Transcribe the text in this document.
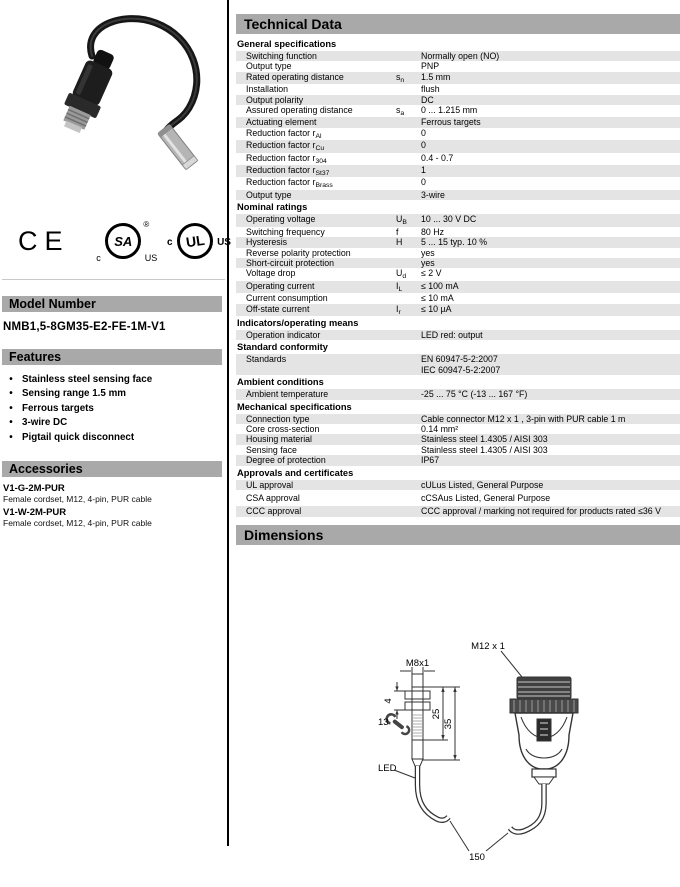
CE	SA
®
c	US
UL
c	US
Model Number
NMB1,5-8GM35-E2-FE-1M-V1
Features
• Stainless steel sensing face
• Sensing range 1.5 mm
• Ferrous targets
• 3-wire DC
• Pigtail quick disconnect
Accessories
V1-G-2M-PUR
Female cordset, M12, 4-pin, PUR cable
V1-W-2M-PUR
Female cordset, M12, 4-pin, PUR cable
Technical Data
General specifications
Switching function	Normally open (NO)
Output type	PNP
Rated operating distance	$s_n$	1.5 mm
Installation	flush
Output polarity	DC
Assured operating distance	$s_a$	0 ... 1.215 mm
Actuating element	Ferrous targets
Reduction factor $r_{Al}$	0
Reduction factor $r_{Cu}$	0
Reduction factor $r_{304}$	0.4 - 0.7
Reduction factor $r_{St37}$	1
Reduction factor $r_{Brass}$	0
Output type	3-wire
Nominal ratings
Operating voltage	$U_B$	10 ... 30 V DC
Switching frequency	f	80 Hz
Hysteresis	H	5 ... 15 typ. 10 %
Reverse polarity protection	yes
Short-circuit protection	yes
Voltage drop	$U_d$	≤ 2 V
Operating current	$I_L$	≤ 100 mA
Current consumption	≤ 10 mA
Off-state current	$I_r$	≤ 10 µA
Indicators/operating means
Operation indicator	LED red: output
Standard conformity
Standards	EN 60947-5-2:2007
IEC 60947-5-2:2007
Ambient conditions
Ambient temperature	-25 ... 75 °C (-13 ... 167 °F)
Mechanical specifications
Connection type	Cable connector M12 x 1 , 3-pin with PUR cable 1 m
Core cross-section	0.14 mm²
Housing material	Stainless steel 1.4305 / AISI 303
Sensing face	Stainless steel 1.4305 / AISI 303
Degree of protection	IP67
Approvals and certificates
UL approval	cULus Listed, General Purpose
CSA approval	cCSAus Listed, General Purpose
CCC approval	CCC approval / marking not required for products rated ≤36 V
Dimensions
M8x1
M12 x 1
4
13
25
35
LED
150
